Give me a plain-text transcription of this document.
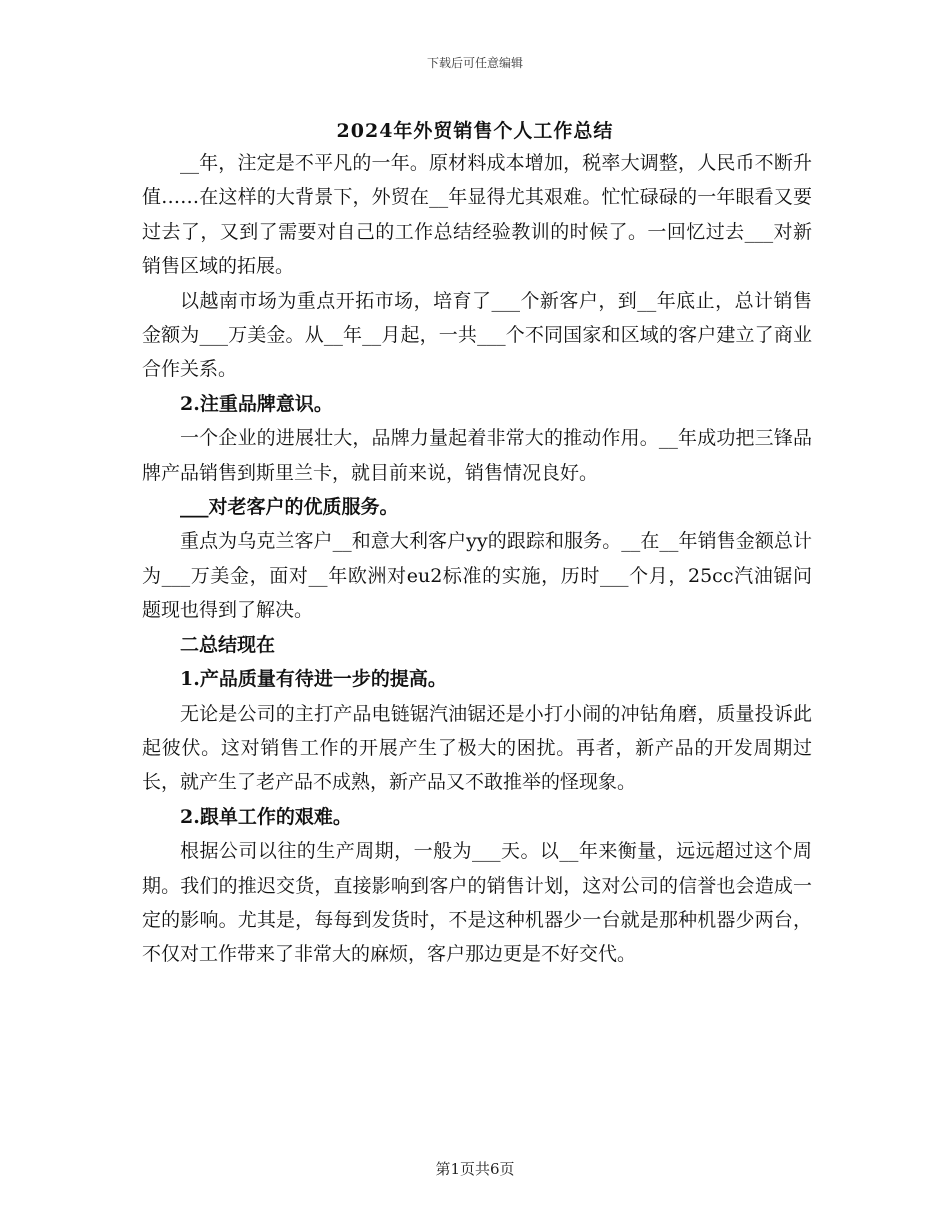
下载后可任意编辑
2024年外贸销售个人工作总结

__年，注定是不平凡的一年。原材料成本增加，税率大调整，人民币不断升值……在这样的大背景下，外贸在__年显得尤其艰难。忙忙碌碌的一年眼看又要过去了，又到了需要对自己的工作总结经验教训的时候了。一回忆过去___对新销售区域的拓展。

以越南市场为重点开拓市场，培育了___个新客户，到__年底止，总计销售金额为___万美金。从__年__月起，一共___个不同国家和区域的客户建立了商业合作关系。

2.注重品牌意识。

一个企业的进展壮大，品牌力量起着非常大的推动作用。__年成功把三锋品牌产品销售到斯里兰卡，就目前来说，销售情况良好。

___对老客户的优质服务。

重点为乌克兰客户__和意大利客户yy的跟踪和服务。__在__年销售金额总计为___万美金，面对__年欧洲对eu2标准的实施，历时___个月，25cc汽油锯问题现也得到了解决。

二总结现在

1.产品质量有待进一步的提高。

无论是公司的主打产品电链锯汽油锯还是小打小闹的冲钻角磨，质量投诉此起彼伏。这对销售工作的开展产生了极大的困扰。再者，新产品的开发周期过长，就产生了老产品不成熟，新产品又不敢推举的怪现象。

2.跟单工作的艰难。

根据公司以往的生产周期，一般为___天。以__年来衡量，远远超过这个周期。我们的推迟交货，直接影响到客户的销售计划，这对公司的信誉也会造成一定的影响。尤其是，每每到发货时，不是这种机器少一台就是那种机器少两台，不仅对工作带来了非常大的麻烦，客户那边更是不好交代。

第1页共6页
